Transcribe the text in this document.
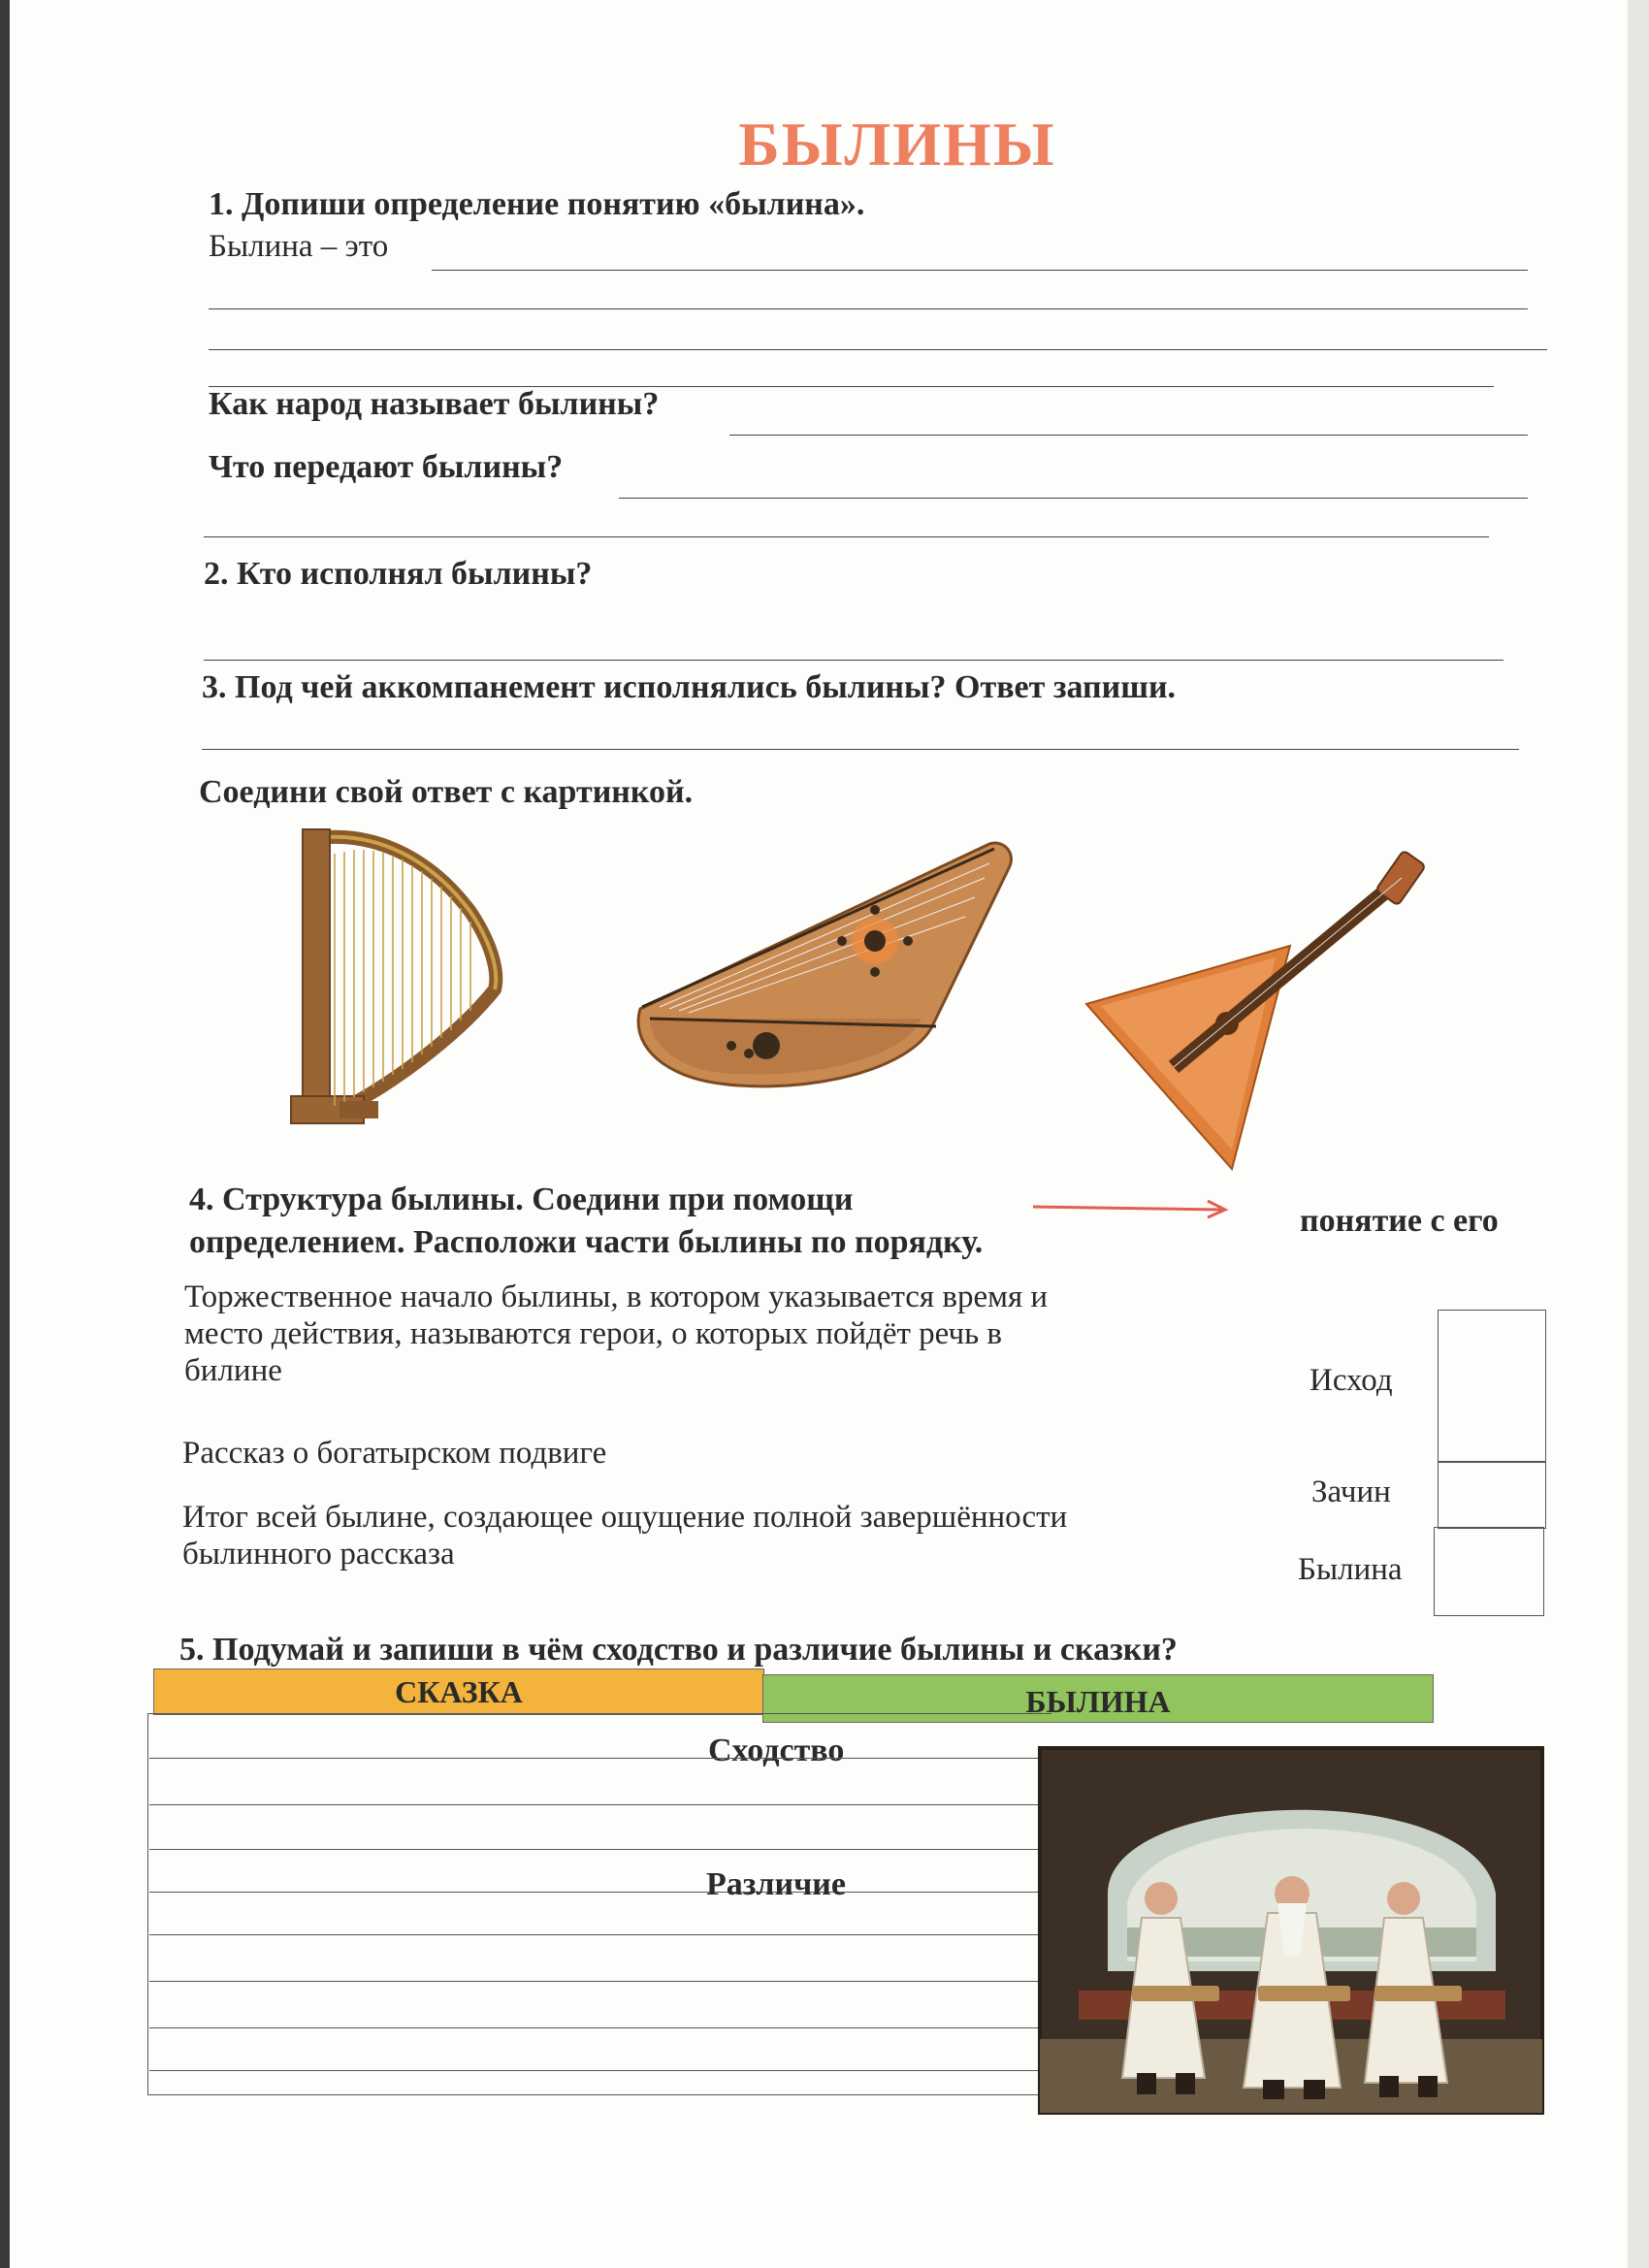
БЫЛИНЫ
1. Допиши определение понятию «былина».
Былина – это
Как народ называет былины?
Что передают былины?
2. Кто исполнял былины?
3. Под чей аккомпанемент исполнялись былины? Ответ запиши.
Соедини свой ответ с картинкой.
4. Структура былины. Соедини при помощи
понятие с его
определением. Расположи части былины по порядку.
Торжественное начало былины, в котором указывается время и
место действия, называются герои, о которых пойдёт речь в
билине
Рассказ о богатырском подвиге
Итог всей былине, создающее ощущение полной завершённости
былинного рассказа
Исход
Зачин
Былина
5. Подумай и запиши в чём сходство и различие былины и сказки?
СКАЗКА	БЫЛИНА
Сходство
Различие
